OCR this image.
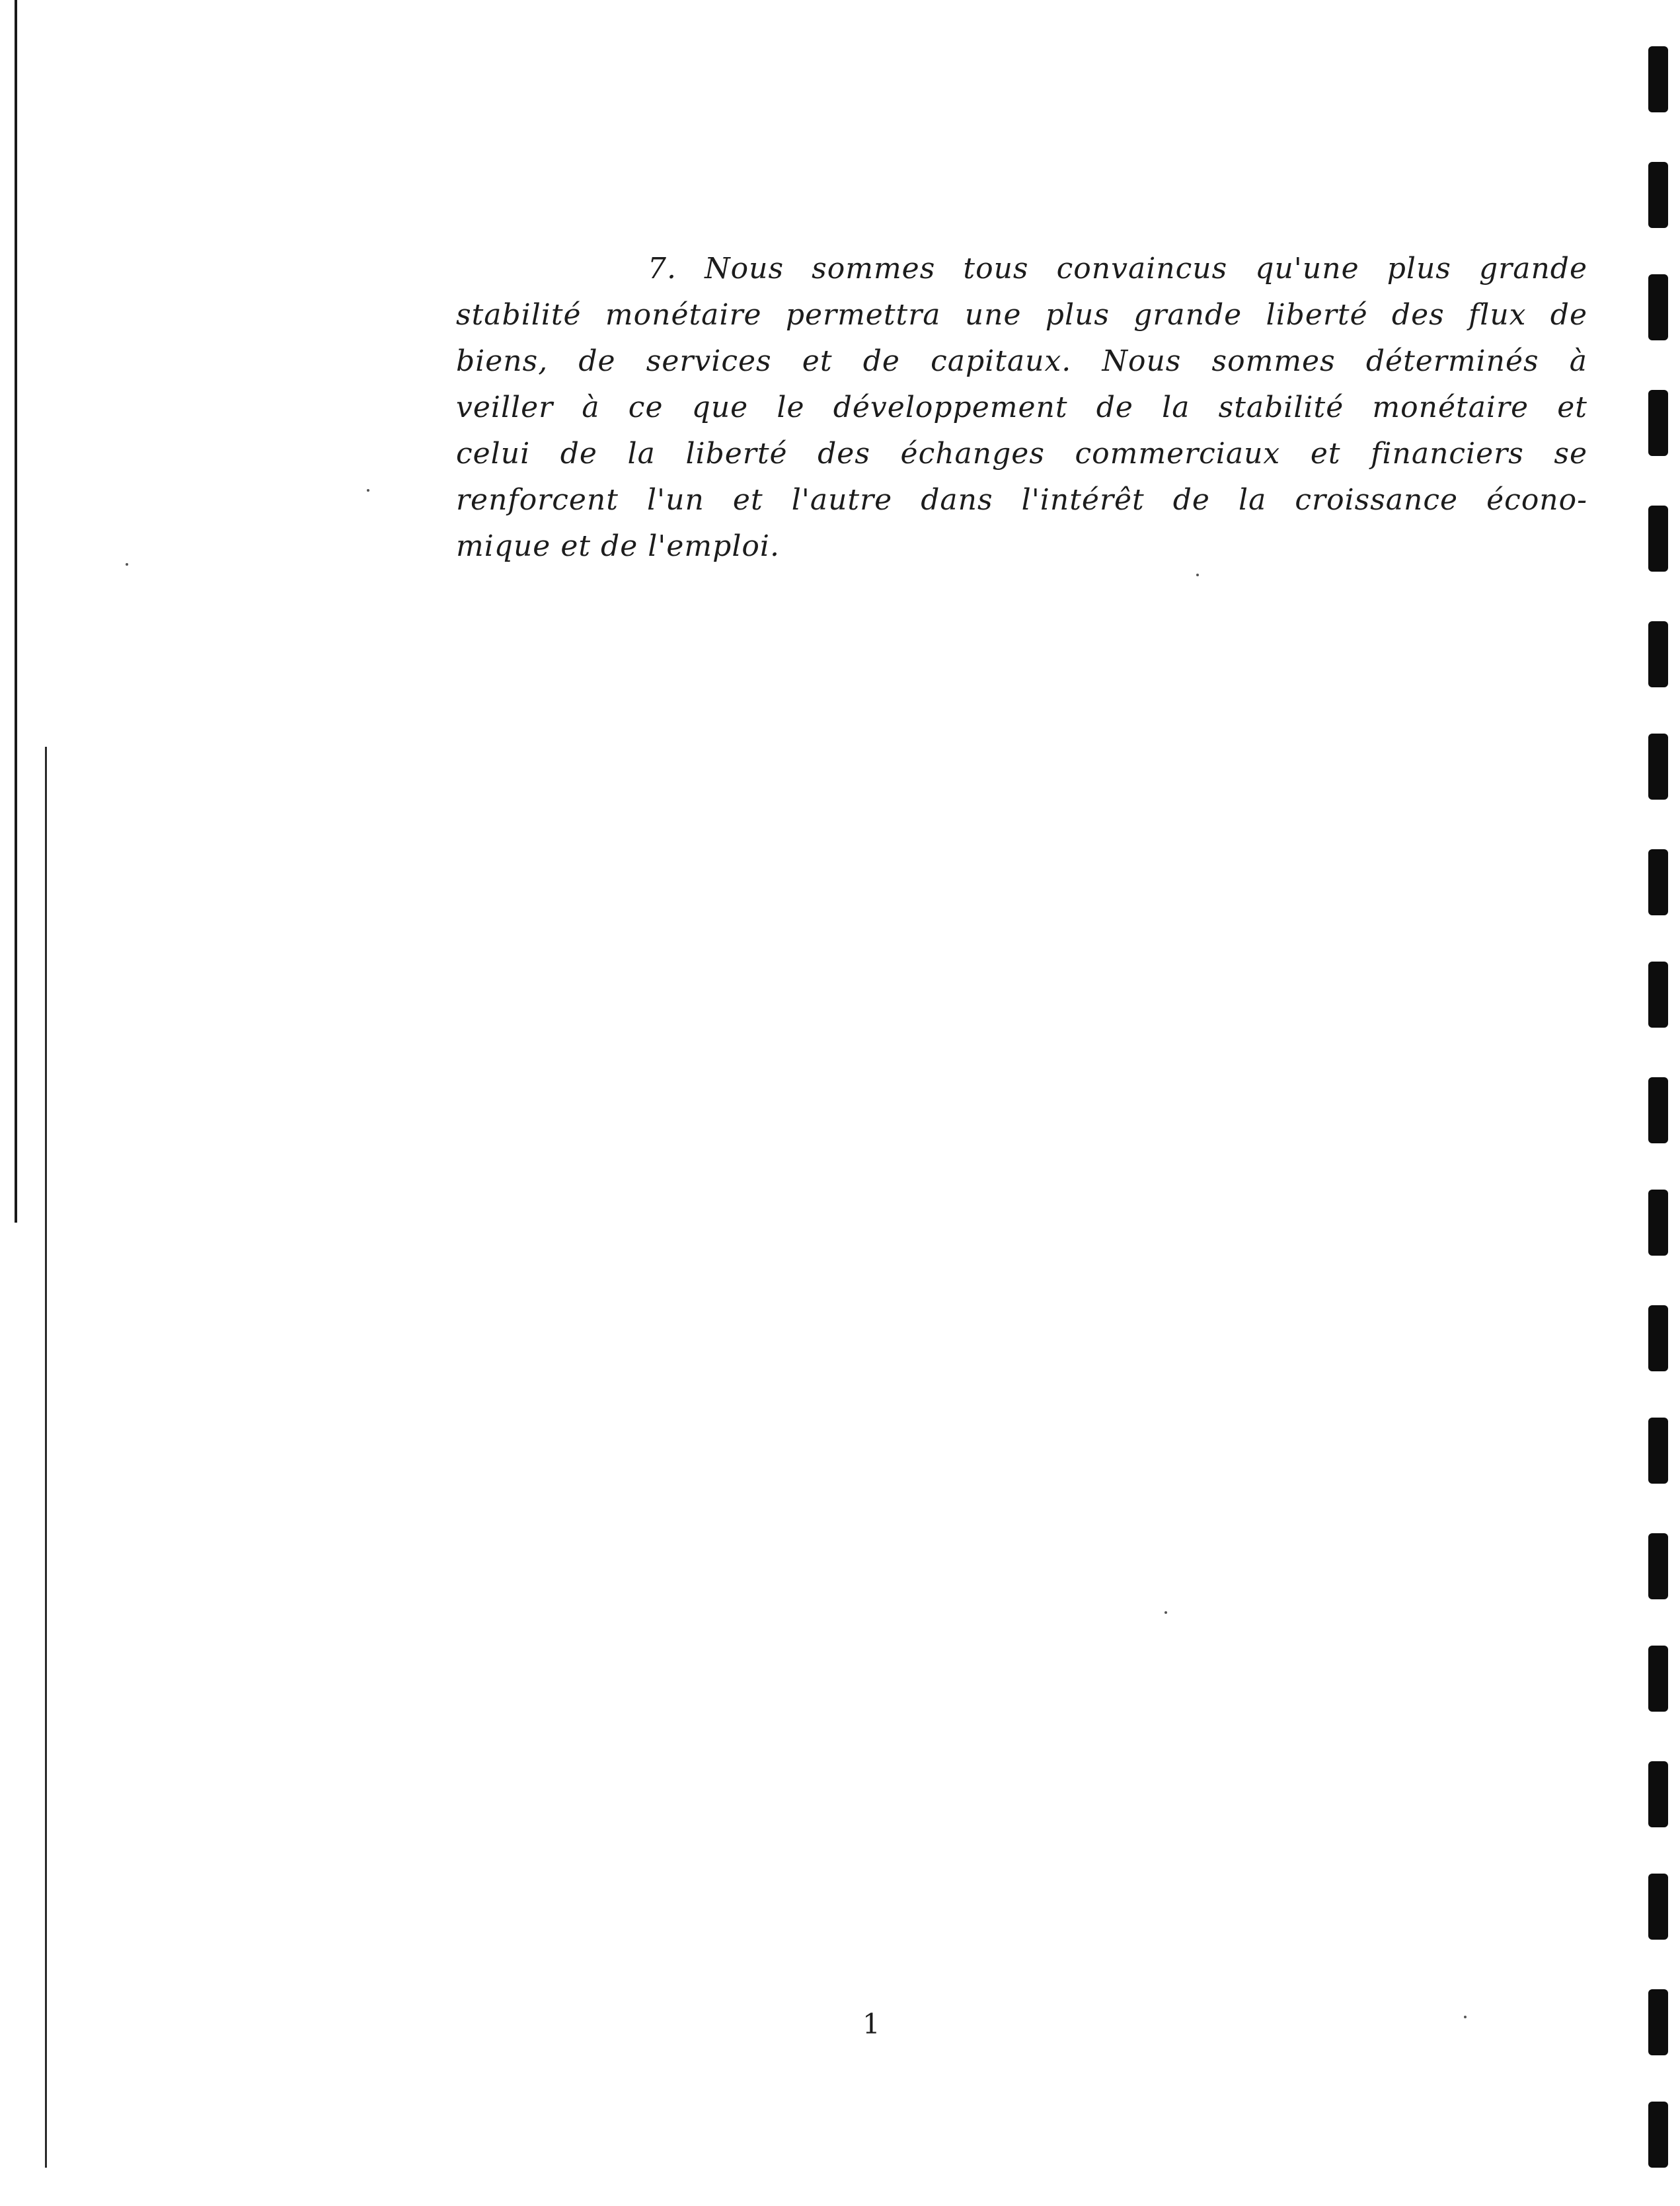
7. Nous sommes tous convaincus qu'une plus grande
stabilité monétaire permettra une plus grande liberté des flux de
biens, de services et de capitaux. Nous sommes déterminés à
veiller à ce que le développement de la stabilité monétaire et
celui de la liberté des échanges commerciaux et financiers se
renforcent l'un et l'autre dans l'intérêt de la croissance écono-
mique et de l'emploi.
1
